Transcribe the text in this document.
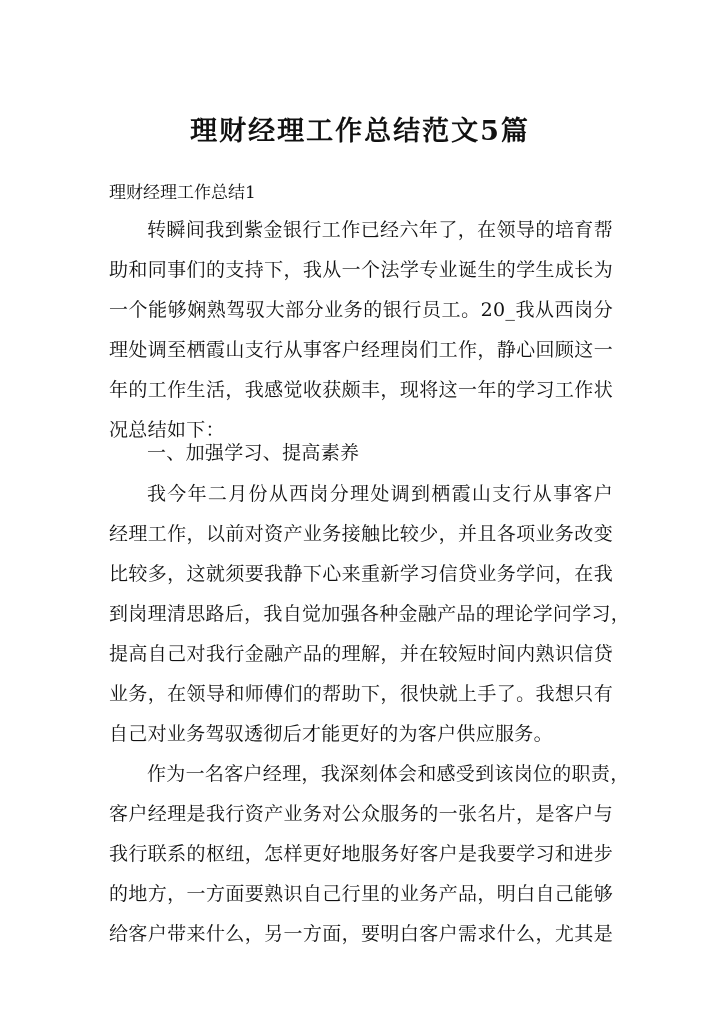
理财经理工作总结范文5篇
理财经理工作总结1
转瞬间我到紫金银行工作已经六年了，在领导的培育帮
助和同事们的支持下，我从一个法学专业诞生的学生成长为
一个能够娴熟驾驭大部分业务的银行员工。20_我从西岗分
理处调至栖霞山支行从事客户经理岗们工作，静心回顾这一
年的工作生活，我感觉收获颇丰，现将这一年的学习工作状
况总结如下：
一、加强学习、提高素养
我今年二月份从西岗分理处调到栖霞山支行从事客户
经理工作，以前对资产业务接触比较少，并且各项业务改变
比较多，这就须要我静下心来重新学习信贷业务学问，在我
到岗理清思路后，我自觉加强各种金融产品的理论学问学习，
提高自己对我行金融产品的理解，并在较短时间内熟识信贷
业务，在领导和师傅们的帮助下，很快就上手了。我想只有
自己对业务驾驭透彻后才能更好的为客户供应服务。
作为一名客户经理，我深刻体会和感受到该岗位的职责，
客户经理是我行资产业务对公众服务的一张名片，是客户与
我行联系的枢纽，怎样更好地服务好客户是我要学习和进步
的地方，一方面要熟识自己行里的业务产品，明白自己能够
给客户带来什么，另一方面，要明白客户需求什么，尤其是
